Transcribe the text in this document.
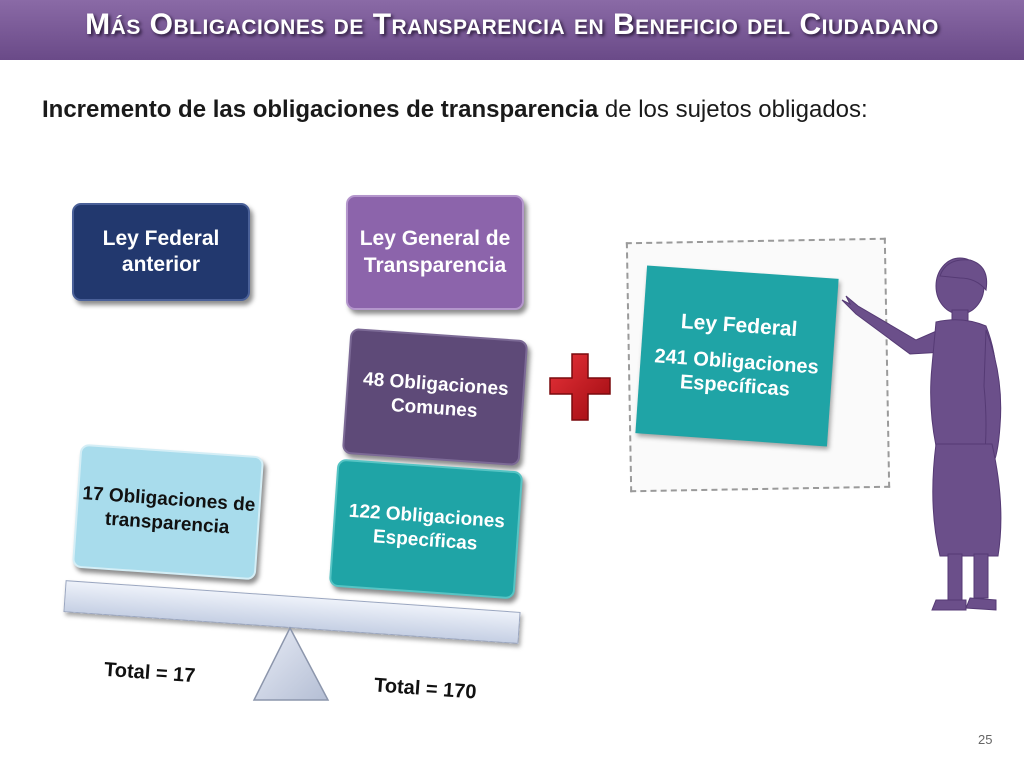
Más Obligaciones de Transparencia en Beneficio del Ciudadano
Incremento de las obligaciones de transparencia de los sujetos obligados:
Ley Federal anterior
Ley General de Transparencia
48 Obligaciones Comunes
17 Obligaciones de transparencia	122 Obligaciones Específicas
Total = 17	Total = 170
Ley Federal
241 Obligaciones Específicas
25
